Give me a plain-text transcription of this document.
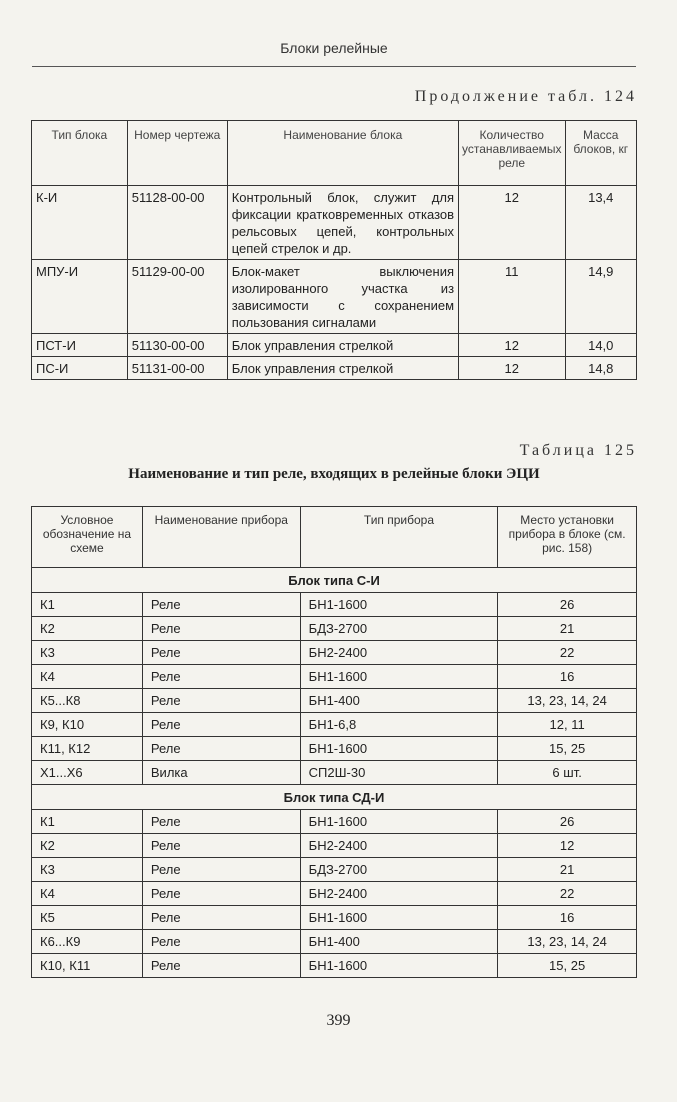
Блоки релейные
Продолжение табл. 124
Тип блока	Номер чертежа	Наименование блока	Количество устанавливаемых реле	Масса блоков, кг
К-И	51128-00-00	Контрольный блок, служит для фиксации кратковременных отказов рельсовых цепей, контрольных цепей стрелок и др.	12	13,4
МПУ-И	51129-00-00	Блок-макет выключения изолированного участка из зависимости с сохранением пользования сигналами	11	14,9
ПСТ-И	51130-00-00	Блок управления стрелкой	12	14,0
ПС-И	51131-00-00	Блок управления стрелкой	12	14,8
Таблица 125
Наименование и тип реле, входящих в релейные блоки ЭЦИ
Условное обозначение на схеме	Наименование прибора	Тип прибора	Место установки прибора в блоке (см. рис. 158)
Блок типа С-И			
К1	Реле	БН1-1600	26
К2	Реле	БДЗ-2700	21
К3	Реле	БН2-2400	22
К4	Реле	БН1-1600	16
К5...К8	Реле	БН1-400	13, 23, 14, 24
К9, К10	Реле	БН1-6,8	12, 11
К11, К12	Реле	БН1-1600	15, 25
Х1...Х6	Вилка	СП2Ш-30	6 шт.
Блок типа СД-И			
К1	Реле	БН1-1600	26
К2	Реле	БН2-2400	12
К3	Реле	БДЗ-2700	21
К4	Реле	БН2-2400	22
К5	Реле	БН1-1600	16
К6...К9	Реле	БН1-400	13, 23, 14, 24
К10, К11	Реле	БН1-1600	15, 25
399
